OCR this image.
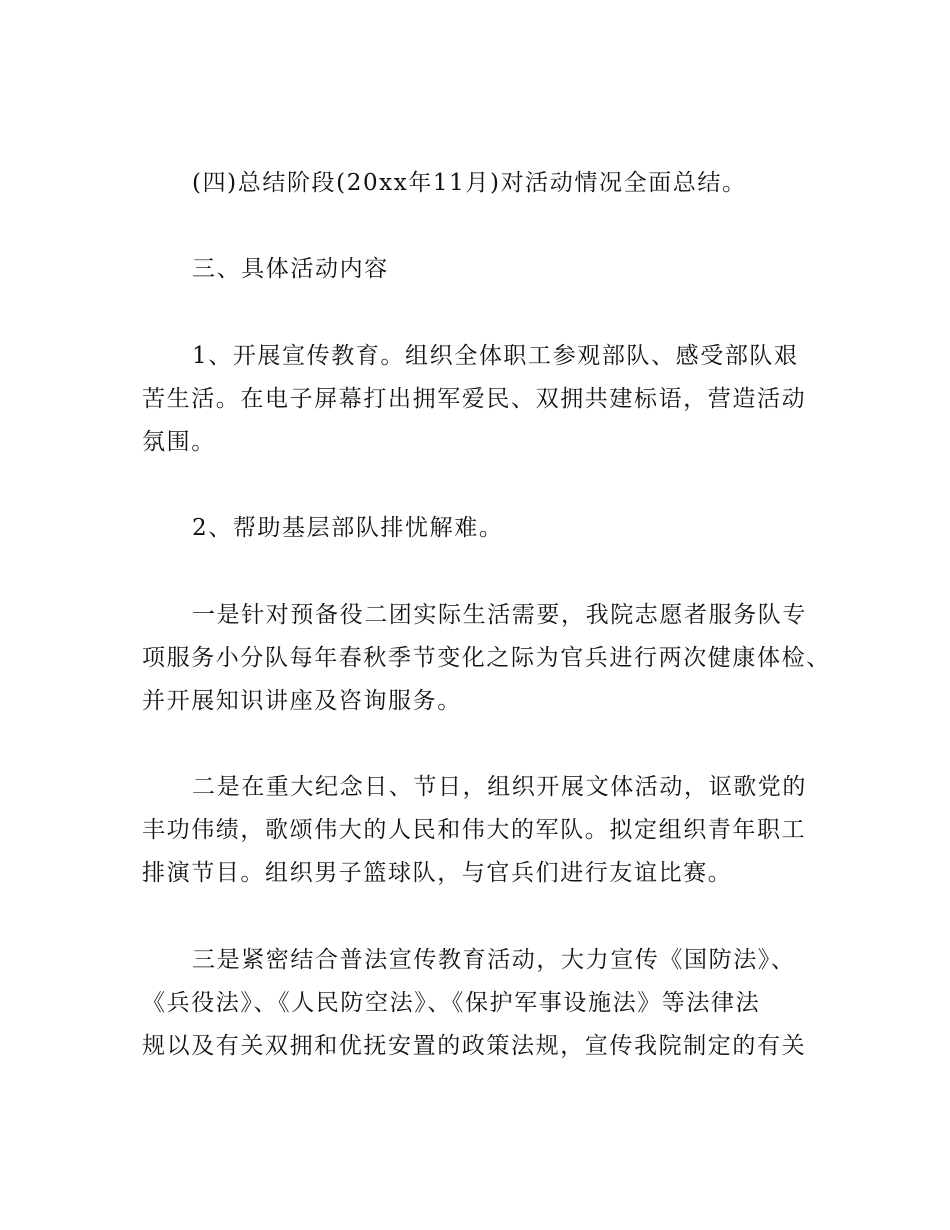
(四)总结阶段(20xx年11月)对活动情况全面总结。

三、具体活动内容

1、开展宣传教育。组织全体职工参观部队、感受部队艰

苦生活。在电子屏幕打出拥军爱民、双拥共建标语，营造活动

氛围。

2、帮助基层部队排忧解难。

一是针对预备役二团实际生活需要，我院志愿者服务队专

项服务小分队每年春秋季节变化之际为官兵进行两次健康体检、

并开展知识讲座及咨询服务。

二是在重大纪念日、节日，组织开展文体活动，讴歌党的

丰功伟绩，歌颂伟大的人民和伟大的军队。拟定组织青年职工

排演节目。组织男子篮球队，与官兵们进行友谊比赛。

三是紧密结合普法宣传教育活动，大力宣传《国防法》、

《兵役法》、《人民防空法》、《保护军事设施法》等法律法

规以及有关双拥和优抚安置的政策法规，宣传我院制定的有关
